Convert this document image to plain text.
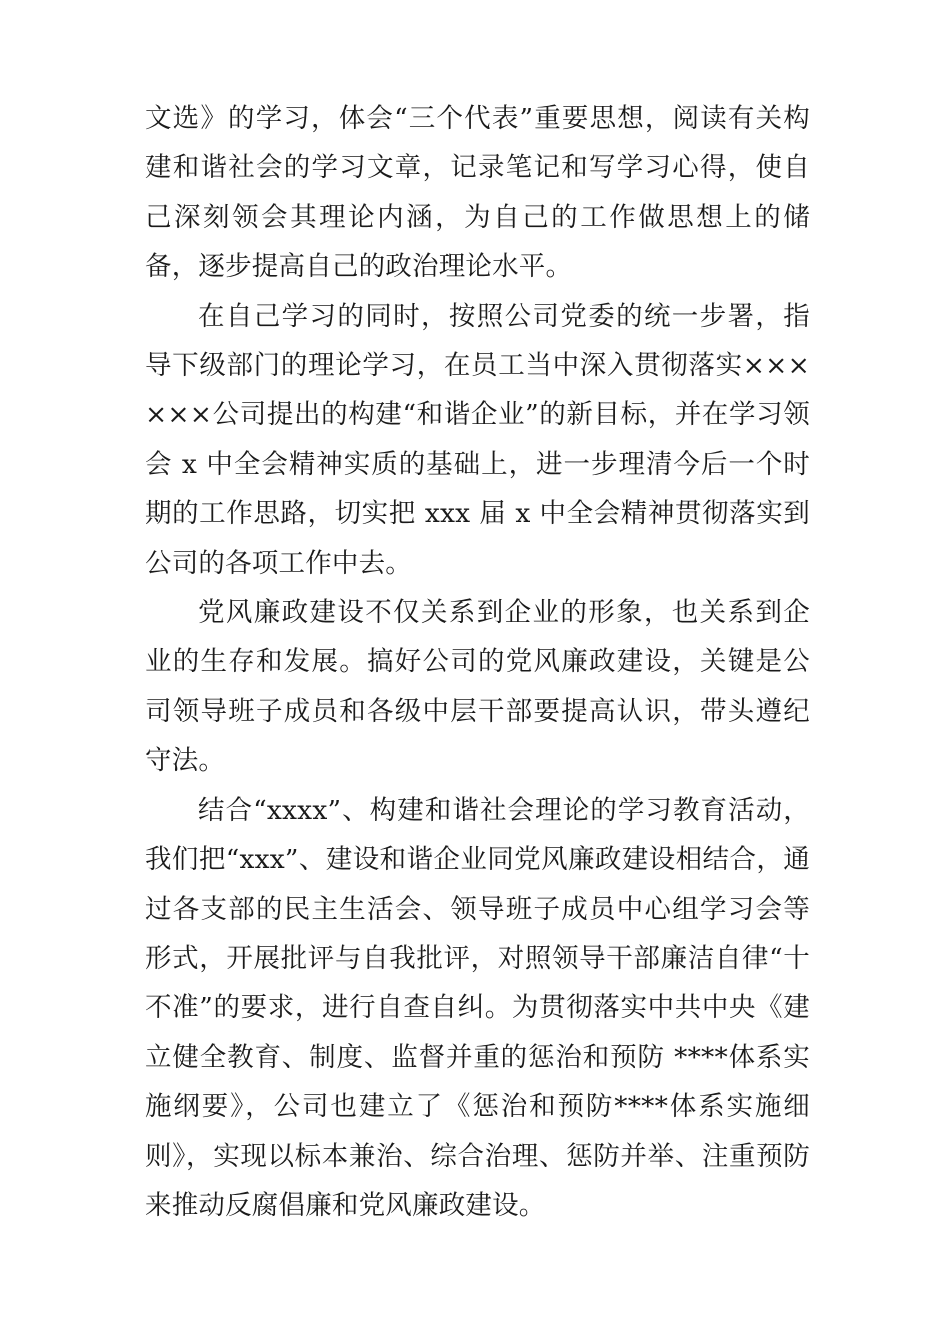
文选》的学习，体会“三个代表”重要思想，阅读有关构建和谐社会的学习文章，记录笔记和写学习心得，使自己深刻领会其理论内涵，为自己的工作做思想上的储备，逐步提高自己的政治理论水平。

在自己学习的同时，按照公司党委的统一步署，指导下级部门的理论学习，在员工当中深入贯彻落实××××××公司提出的构建“和谐企业”的新目标，并在学习领会 x 中全会精神实质的基础上，进一步理清今后一个时期的工作思路，切实把 xxx 届 x 中全会精神贯彻落实到公司的各项工作中去。

党风廉政建设不仅关系到企业的形象，也关系到企业的生存和发展。搞好公司的党风廉政建设，关键是公司领导班子成员和各级中层干部要提高认识，带头遵纪守法。

结合“xxxx”、构建和谐社会理论的学习教育活动，我们把“xxx”、建设和谐企业同党风廉政建设相结合，通过各支部的民主生活会、领导班子成员中心组学习会等形式，开展批评与自我批评，对照领导干部廉洁自律“十不准”的要求，进行自查自纠。为贯彻落实中共中央《建立健全教育、制度、监督并重的惩治和预防 ****体系实施纲要》，公司也建立了《惩治和预防****体系实施细则》，实现以标本兼治、综合治理、惩防并举、注重预防来推动反腐倡廉和党风廉政建设。
